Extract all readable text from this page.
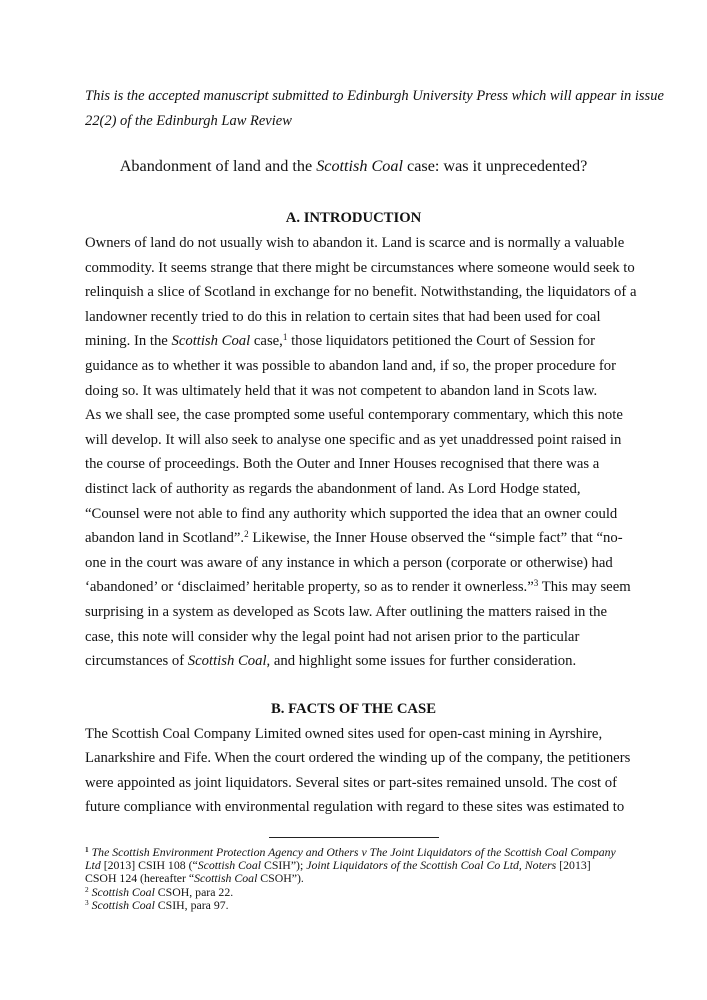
This is the accepted manuscript submitted to Edinburgh University Press which will appear in issue
22(2) of the Edinburgh Law Review
Abandonment of land and the Scottish Coal case: was it unprecedented?
A. INTRODUCTION
Owners of land do not usually wish to abandon it. Land is scarce and is normally a valuable
commodity. It seems strange that there might be circumstances where someone would seek to
relinquish a slice of Scotland in exchange for no benefit. Notwithstanding, the liquidators of a
landowner recently tried to do this in relation to certain sites that had been used for coal
mining. In the Scottish Coal case,$^1$ those liquidators petitioned the Court of Session for
guidance as to whether it was possible to abandon land and, if so, the proper procedure for
doing so. It was ultimately held that it was not competent to abandon land in Scots law.
As we shall see, the case prompted some useful contemporary commentary, which this note
will develop. It will also seek to analyse one specific and as yet unaddressed point raised in
the course of proceedings. Both the Outer and Inner Houses recognised that there was a
distinct lack of authority as regards the abandonment of land. As Lord Hodge stated,
“Counsel were not able to find any authority which supported the idea that an owner could
abandon land in Scotland”.$^2$ Likewise, the Inner House observed the “simple fact” that “no-
one in the court was aware of any instance in which a person (corporate or otherwise) had
‘abandoned’ or ‘disclaimed’ heritable property, so as to render it ownerless.”$^3$ This may seem
surprising in a system as developed as Scots law. After outlining the matters raised in the
case, this note will consider why the legal point had not arisen prior to the particular
circumstances of Scottish Coal, and highlight some issues for further consideration.
B. FACTS OF THE CASE
The Scottish Coal Company Limited owned sites used for open-cast mining in Ayrshire,
Lanarkshire and Fife. When the court ordered the winding up of the company, the petitioners
were appointed as joint liquidators. Several sites or part-sites remained unsold. The cost of
future compliance with environmental regulation with regard to these sites was estimated to
$^1$ The Scottish Environment Protection Agency and Others v The Joint Liquidators of the Scottish Coal Company
Ltd [2013] CSIH 108 (“Scottish Coal CSIH”); Joint Liquidators of the Scottish Coal Co Ltd, Noters [2013]
CSOH 124 (hereafter “Scottish Coal CSOH”).
$^2$ Scottish Coal CSOH, para 22.
$^3$ Scottish Coal CSIH, para 97.
